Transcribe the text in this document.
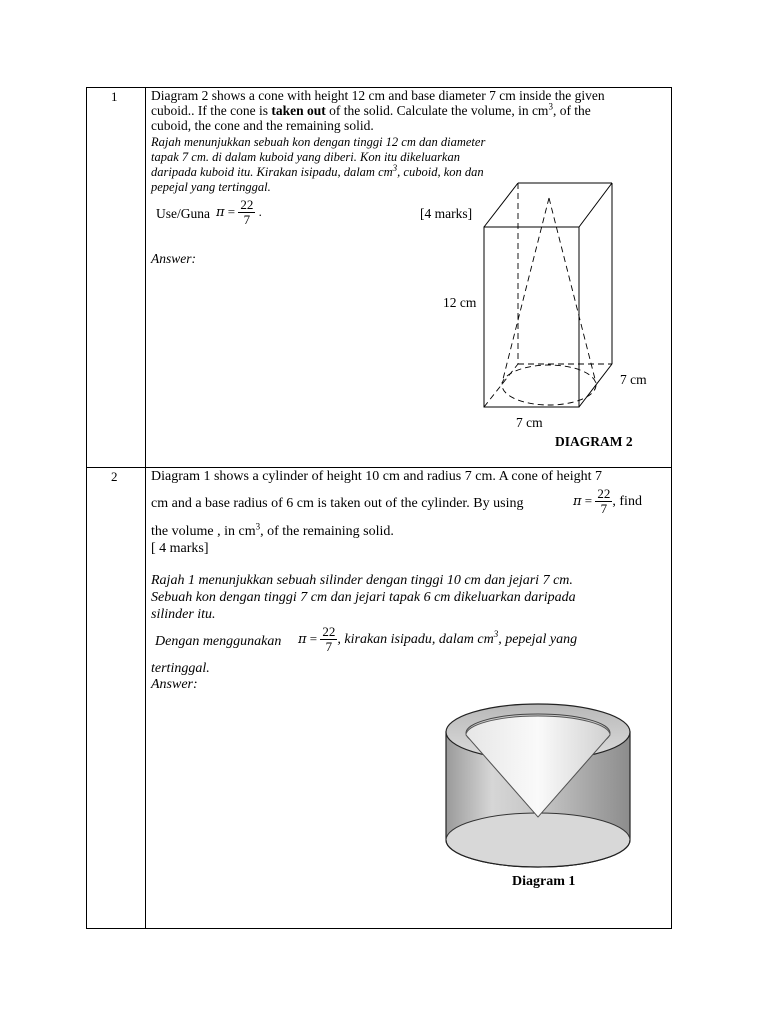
1 Diagram 2 shows a cone with height 12 cm and base diameter 7 cm inside the given
cuboid.. If the cone is taken out of the solid. Calculate the volume, in $cm^3$, of the
cuboid, the cone and the remaining solid.
Rajah menunjukkan sebuah kon dengan tinggi 12 cm dan diameter
tapak 7 cm. di dalam kuboid yang diberi. Kon itu dikeluarkan
daripada kuboid itu. Kirakan isipadu, dalam $cm^3$, cuboid, kon dan
pepejal yang tertinggal.
Use/Guna $\pi = \frac{22}{7}$ .	[4 marks]
Answer:
12 cm
7 cm
7 cm
DIAGRAM 2
2 Diagram 1 shows a cylinder of height 10 cm and radius 7 cm. A cone of height 7
cm and a base radius of 6 cm is taken out of the cylinder. By using	$\pi = \frac{22}{7}$ , find
the volume , in $cm^3$, of the remaining solid.
[ 4 marks]
Rajah 1 menunjukkan sebuah silinder dengan tinggi 10 cm dan jejari 7 cm.
Sebuah kon dengan tinggi 7 cm dan jejari tapak 6 cm dikeluarkan daripada
silinder itu.
Dengan menggunakan $\pi = \frac{22}{7}$ , kirakan isipadu, dalam $cm^3$, pepejal yang
tertinggal.
Answer:
Diagram 1
